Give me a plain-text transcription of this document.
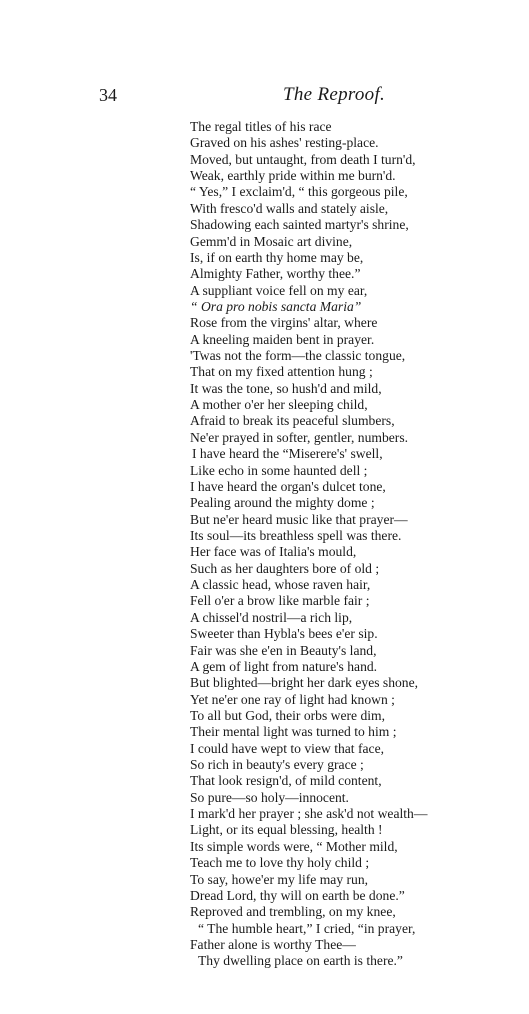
34	The Reproof.
The regal titles of his race
Graved on his ashes' resting-place.
Moved, but untaught, from death I turn'd,
Weak, earthly pride within me burn'd.
“ Yes,” I exclaim'd, “ this gorgeous pile,
With fresco'd walls and stately aisle,
Shadowing each sainted martyr's shrine,
Gemm'd in Mosaic art divine,
Is, if on earth thy home may be,
Almighty Father, worthy thee.”
A suppliant voice fell on my ear,
“ Ora pro nobis sancta Maria”
Rose from the virgins' altar, where
A kneeling maiden bent in prayer.
'Twas not the form—the classic tongue,
That on my fixed attention hung ;
It was the tone, so hush'd and mild,
A mother o'er her sleeping child,
Afraid to break its peaceful slumbers,
Ne'er prayed in softer, gentler, numbers.
I have heard the “Miserere's' swell,
Like echo in some haunted dell ;
I have heard the organ's dulcet tone,
Pealing around the mighty dome ;
But ne'er heard music like that prayer—
Its soul—its breathless spell was there.
Her face was of Italia's mould,
Such as her daughters bore of old ;
A classic head, whose raven hair,
Fell o'er a brow like marble fair ;
A chissel'd nostril—a rich lip,
Sweeter than Hybla's bees e'er sip.
Fair was she e'en in Beauty's land,
A gem of light from nature's hand.
But blighted—bright her dark eyes shone,
Yet ne'er one ray of light had known ;
To all but God, their orbs were dim,
Their mental light was turned to him ;
I could have wept to view that face,
So rich in beauty's every grace ;
That look resign'd, of mild content,
So pure—so holy—innocent.
I mark'd her prayer ; she ask'd not wealth—
Light, or its equal blessing, health !
Its simple words were, “ Mother mild,
Teach me to love thy holy child ;
To say, howe'er my life may run,
Dread Lord, thy will on earth be done.”
Reproved and trembling, on my knee,
“ The humble heart,” I cried, “in prayer,
Father alone is worthy Thee—
Thy dwelling place on earth is there.”
